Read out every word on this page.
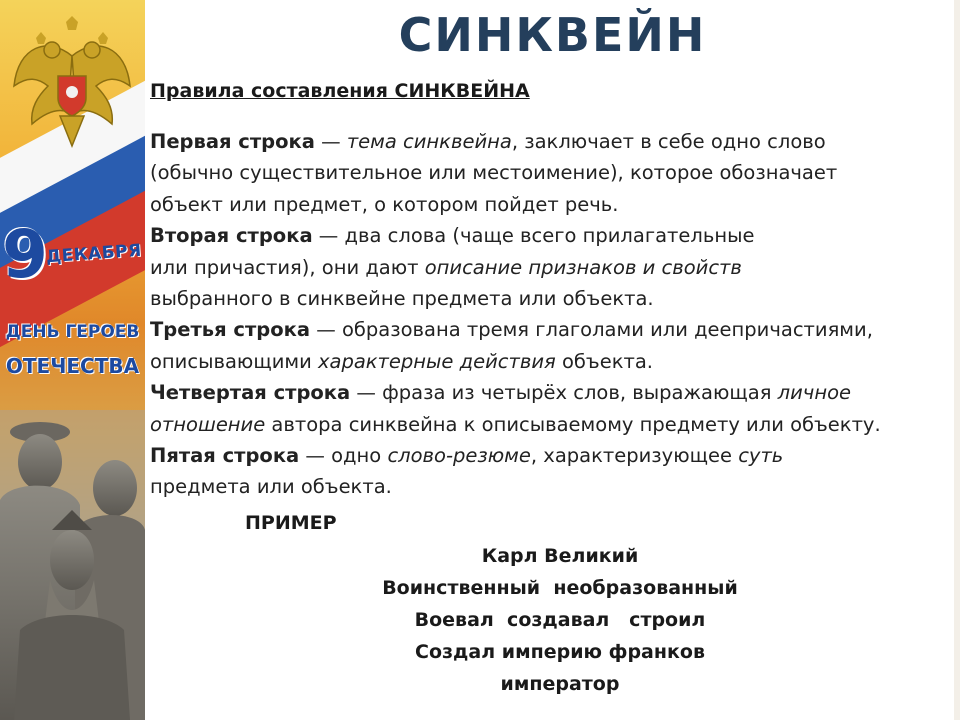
9
ДЕКАБРЯ
ДЕНЬ ГЕРОЕВ
ОТЕЧЕСТВА
СИНКВЕЙН
Правила составления СИНКВЕЙНА
Первая строка — тема синквейна, заключает в себе одно слово
(обычно существительное или местоимение), которое обозначает
объект или предмет, о котором пойдет речь.
Вторая строка — два слова (чаще всего прилагательные
или причастия), они дают описание признаков и свойств
выбранного в синквейне предмета или объекта.
Третья строка — образована тремя глаголами или деепричастиями,
описывающими характерные действия объекта.
Четвертая строка — фраза из четырёх слов, выражающая личное
отношение автора синквейна к описываемому предмету или объекту.
Пятая строка — одно слово-резюме, характеризующее суть
предмета или объекта.
ПРИМЕР
Карл Великий
Воинственный  необразованный
Воевал  создавал   строил
Создал империю франков
император
